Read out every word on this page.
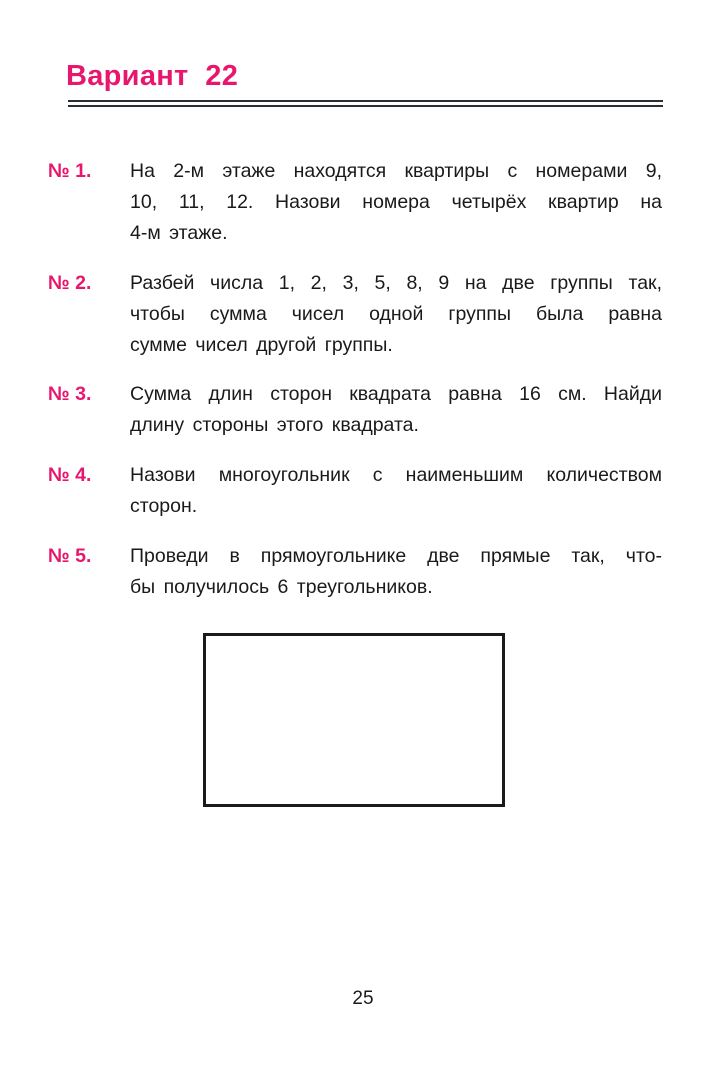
Вариант  22
№ 1. На 2-м этаже находятся квартиры с номерами 9,
10, 11, 12. Назови номера четырёх квартир на
4-м этаже.
№ 2. Разбей числа 1, 2, 3, 5, 8, 9 на две группы так,
чтобы сумма чисел одной группы была равна
сумме чисел другой группы.
№ 3. Сумма длин сторон квадрата равна 16 см. Найди
длину стороны этого квадрата.
№ 4. Назови многоугольник с наименьшим количеством
сторон.
№ 5. Проведи в прямоугольнике две прямые так, что-
бы получилось 6 треугольников.
25
